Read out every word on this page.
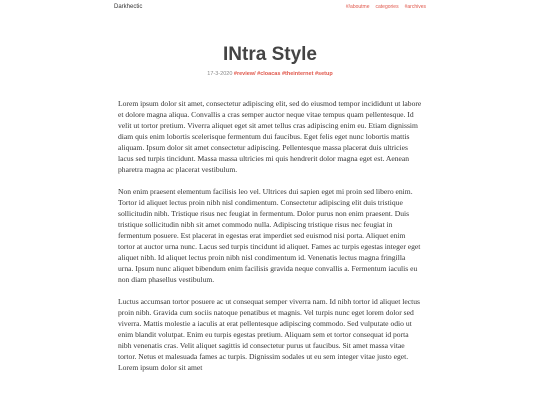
Darkhectic	#/aboutme categories #archives
INtra Style
17-3-2020 #review/ #cloacas #theinternet #setup

Lorem ipsum dolor sit amet, consectetur adipiscing elit, sed do eiusmod tempor incididunt ut labore et dolore magna aliqua. Convallis a cras semper auctor neque vitae tempus quam pellentesque. Id velit ut tortor pretium. Viverra aliquet eget sit amet tellus cras adipiscing enim eu. Etiam dignissim diam quis enim lobortis scelerisque fermentum dui faucibus. Eget felis eget nunc lobortis mattis aliquam. Ipsum dolor sit amet consectetur adipiscing. Pellentesque massa placerat duis ultricies lacus sed turpis tincidunt. Massa massa ultricies mi quis hendrerit dolor magna eget est. Aenean pharetra magna ac placerat vestibulum.

Non enim praesent elementum facilisis leo vel. Ultrices dui sapien eget mi proin sed libero enim. Tortor id aliquet lectus proin nibh nisl condimentum. Consectetur adipiscing elit duis tristique sollicitudin nibh. Tristique risus nec feugiat in fermentum. Dolor purus non enim praesent. Duis tristique sollicitudin nibh sit amet commodo nulla. Adipiscing tristique risus nec feugiat in fermentum posuere. Est placerat in egestas erat imperdiet sed euismod nisi porta. Aliquet enim tortor at auctor urna nunc. Lacus sed turpis tincidunt id aliquet. Fames ac turpis egestas integer eget aliquet nibh. Id aliquet lectus proin nibh nisl condimentum id. Venenatis lectus magna fringilla urna. Ipsum nunc aliquet bibendum enim facilisis gravida neque convallis a. Fermentum iaculis eu non diam phasellus vestibulum.

Luctus accumsan tortor posuere ac ut consequat semper viverra nam. Id nibh tortor id aliquet lectus proin nibh. Gravida cum sociis natoque penatibus et magnis. Vel turpis nunc eget lorem dolor sed viverra. Mattis molestie a iaculis at erat pellentesque adipiscing commodo. Sed vulputate odio ut enim blandit volutpat. Enim eu turpis egestas pretium. Aliquam sem et tortor consequat id porta nibh venenatis cras. Velit aliquet sagittis id consectetur purus ut faucibus. Sit amet massa vitae tortor. Netus et malesuada fames ac turpis. Dignissim sodales ut eu sem integer vitae justo eget. Lorem ipsum dolor sit amet
